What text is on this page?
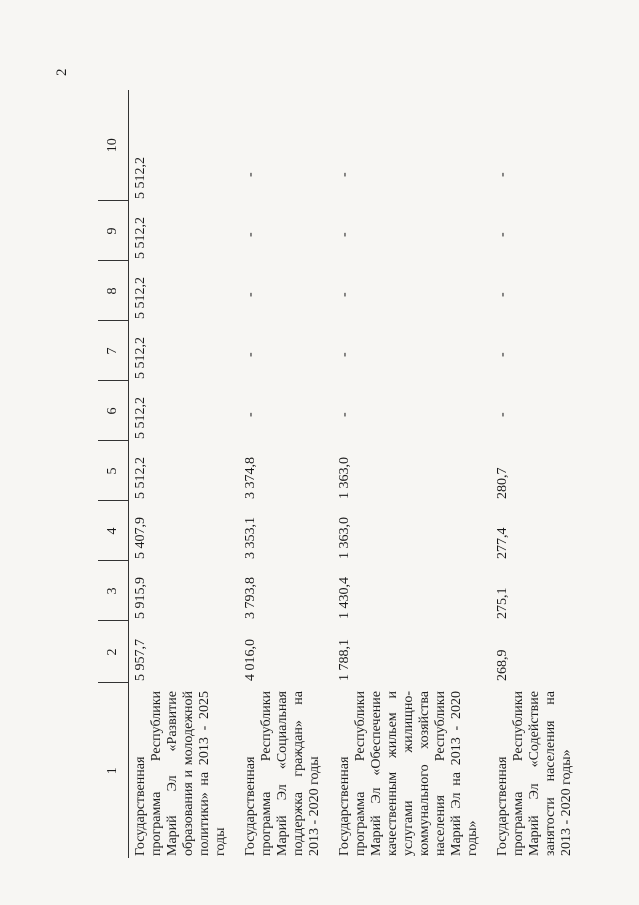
2
1	2	3	4	5	6	7	8	9	10
Государственная программа Республики Марий Эл «Развитие образования и молодежной политики» на 2013 - 2025 годы	5 957,7	5 915,9	5 407,9	5 512,2	5 512,2	5 512,2	5 512,2	5 512,2	5 512,2
Государственная программа Республики Марий Эл «Социальная поддержка граждан» на 2013 - 2020 годы	4 016,0	3 793,8	3 353,1	3 374,8	-	-	-	-	-
Государственная программа Республики Марий Эл «Обеспечение качественным жильем и услугами жилищно-коммунального хозяйства населения Республики Марий Эл на 2013 - 2020 годы»	1 788,1	1 430,4	1 363,0	1 363,0	-	-	-	-	-
Государственная программа Республики Марий Эл «Содействие занятости населения на 2013 - 2020 годы»	268,9	275,1	277,4	280,7	-	-	-	-	-
